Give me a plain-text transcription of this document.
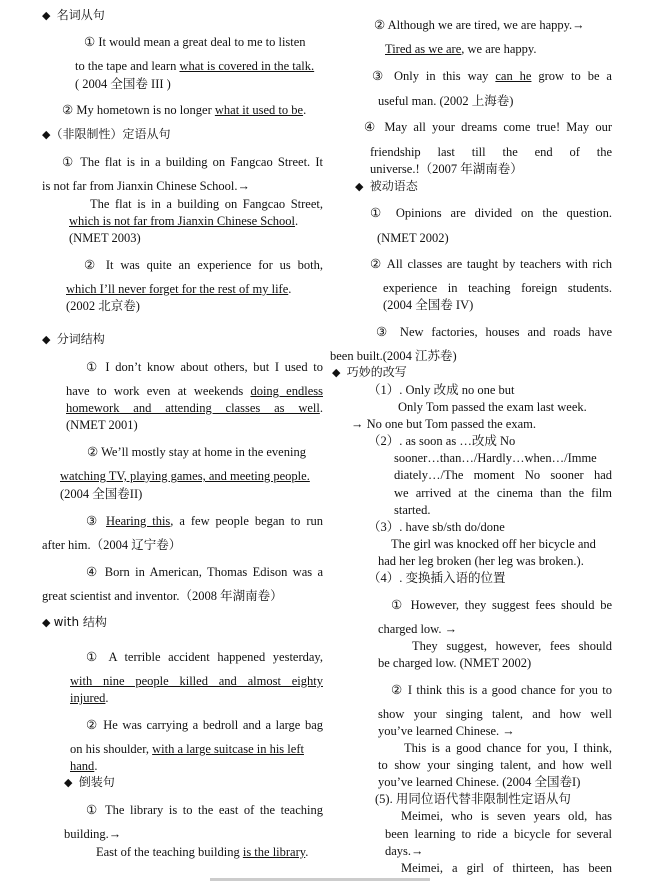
◆ 名词从句
① It would mean a great deal to me to listen
to the tape and learn what is covered in the talk.
( 2004 全国卷 III )
② My hometown is no longer what it used to be.
◆（非限制性）定语从句
① The flat is in a building on Fangcao Street. It
is not far from Jianxin Chinese School.→
The flat is in a building on Fangcao Street,
which is not far from Jianxin Chinese School.
(NMET 2003)
② It was quite an experience for us both,
which I’ll never forget for the rest of my life.
(2002 北京卷)
◆ 分词结构
① I don’t know about others, but I used to
have to work even at weekends doing endless
homework and attending classes as well.
(NMET 2001)
② We’ll mostly stay at home in the evening
watching TV, playing games, and meeting people.
(2004 全国卷II)
③ Hearing this, a few people began to run
after him.（2004 辽宁卷）
④ Born in American, Thomas Edison was a
great scientist and inventor.（2008 年湖南卷）
◆ with 结构
① A terrible accident happened yesterday,
with nine people killed and almost eighty
injured.
② He was carrying a bedroll and a large bag
on his shoulder, with a large suitcase in his left
hand.
◆ 倒装句
① The library is to the east of the teaching
building.→
East of the teaching building is the library.
② Although we are tired, we are happy.→
Tired as we are, we are happy.
③ Only in this way can he grow to be a
useful man. (2002 上海卷)
④ May all your dreams come true! May our
friendship last till the end of the
universe.!（2007 年湖南卷）
◆ 被动语态
① Opinions are divided on the question.
(NMET 2002)
② All classes are taught by teachers with rich
experience in teaching foreign students.
(2004 全国卷 IV)
③ New factories, houses and roads have
been built.(2004 江苏卷)
◆ 巧妙的改写
（1）. Only 改成 no one but
Only Tom passed the exam last week.
→ No one but Tom passed the exam.
（2）. as soon as …改成 No
sooner…than…/Hardly…when…/Imme
diately…/The moment No sooner had
we arrived at the cinema than the film
started.
（3）. have sb/sth do/done
The girl was knocked off her bicycle and
had her leg broken (her leg was broken.).
（4）. 变换插入语的位置
① However, they suggest fees should be
charged low. →
They suggest, however, fees should
be charged low. (NMET 2002)
② I think this is a good chance for you to
show your singing talent, and how well
you’ve learned Chinese. →
This is a good chance for you, I think,
to show your singing talent, and how well
you’ve learned Chinese. (2004 全国卷I)
(5). 用同位语代替非限制性定语从句
Meimei, who is seven years old, has
been learning to ride a bicycle for several
days.→
Meimei, a girl of thirteen, has been
